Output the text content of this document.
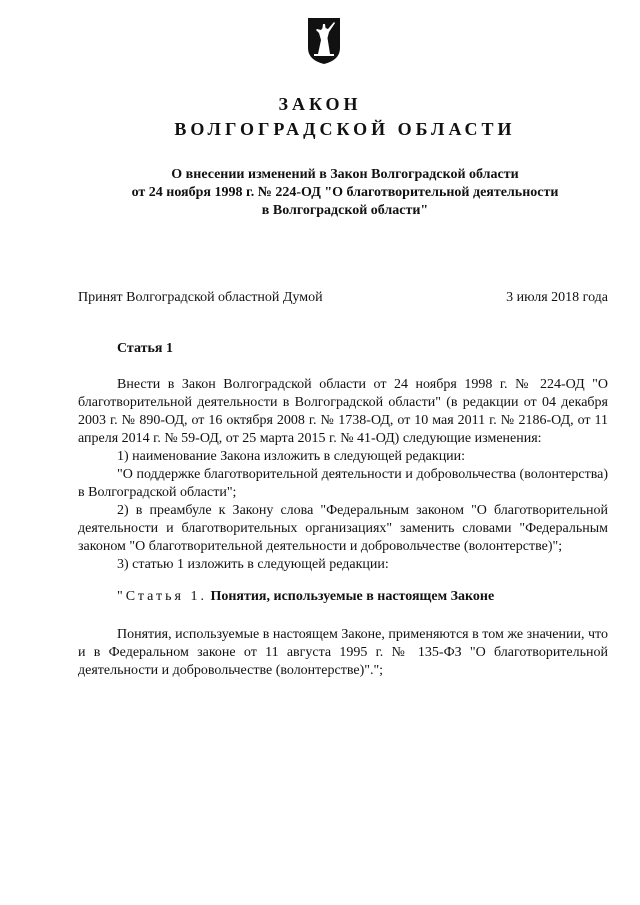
ЗАКОН
ВОЛГОГРАДСКОЙ ОБЛАСТИ
О внесении изменений в Закон Волгоградской области
от 24 ноября 1998 г. № 224-ОД "О благотворительной деятельности
в Волгоградской области"
Принят Волгоградской областной Думой	3 июля 2018 года
Статья 1

Внести в Закон Волгоградской области от 24 ноября 1998 г. № 224-ОД "О благотворительной деятельности в Волгоградской области" (в редакции от 04 декабря 2003 г. № 890-ОД, от 16 октября 2008 г. № 1738-ОД, от 10 мая 2011 г. № 2186-ОД, от 11 апреля 2014 г. № 59-ОД, от 25 марта 2015 г. № 41-ОД) следующие изменения:

1) наименование Закона изложить в следующей редакции:

"О поддержке благотворительной деятельности и добровольчества (волонтерства) в Волгоградской области";

2) в преамбуле к Закону слова "Федеральным законом "О благотворительной деятельности и благотворительных организациях" заменить словами "Федеральным законом "О благотворительной деятельности и добровольчестве (волонтерстве)";

3) статью 1 изложить в следующей редакции:

"Статья 1. Понятия, используемые в настоящем Законе

Понятия, используемые в настоящем Законе, применяются в том же значении, что и в Федеральном законе от 11 августа 1995 г. № 135-ФЗ "О благотворительной деятельности и добровольчестве (волонтерстве)".";
